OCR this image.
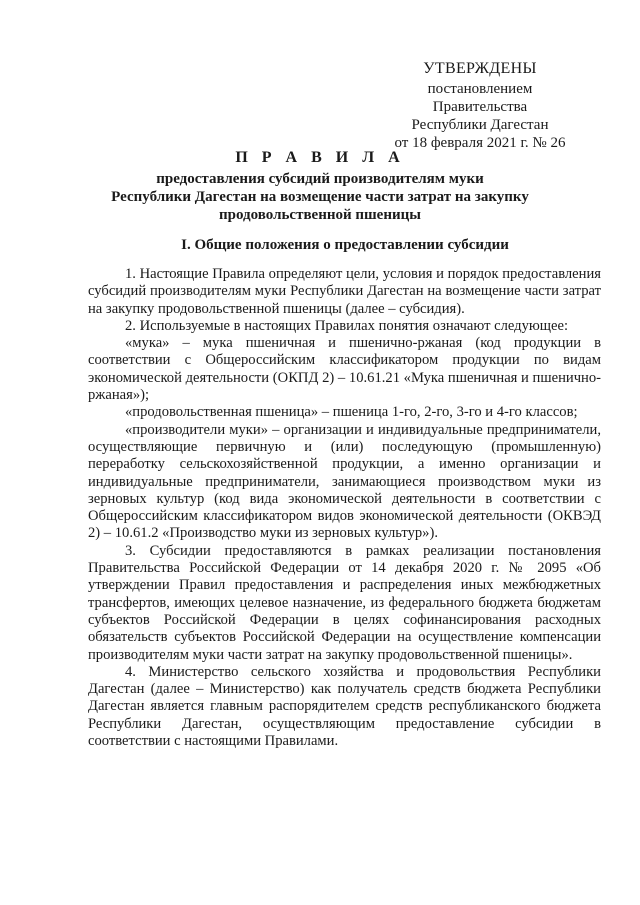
УТВЕРЖДЕНЫ
постановлением Правительства
Республики Дагестан
от 18 февраля 2021 г. № 26
П Р А В И Л А
предоставления субсидий производителям муки
Республики Дагестан на возмещение части затрат на закупку
продовольственной пшеницы
I. Общие положения о предоставлении субсидии

1. Настоящие Правила определяют цели, условия и порядок предоставления субсидий производителям муки Республики Дагестан на возмещение части затрат на закупку продовольственной пшеницы (далее – субсидия).

2. Используемые в настоящих Правилах понятия означают следующее:

«мука» – мука пшеничная и пшенично-ржаная (код продукции в соответствии с Общероссийским классификатором продукции по видам экономической деятельности (ОКПД 2) – 10.61.21 «Мука пшеничная и пшенично-ржаная»);

«продовольственная пшеница» – пшеница 1-го, 2-го, 3-го и 4-го классов;

«производители муки» – организации и индивидуальные предприниматели, осуществляющие первичную и (или) последующую (промышленную) переработку сельскохозяйственной продукции, а именно организации и индивидуальные предприниматели, занимающиеся производством муки из зерновых культур (код вида экономической деятельности в соответствии с Общероссийским классификатором видов экономической деятельности (ОКВЭД 2) – 10.61.2 «Производство муки из зерновых культур»).

3. Субсидии предоставляются в рамках реализации постановления Правительства Российской Федерации от 14 декабря 2020 г. № 2095 «Об утверждении Правил предоставления и распределения иных межбюджетных трансфертов, имеющих целевое назначение, из федерального бюджета бюджетам субъектов Российской Федерации в целях софинансирования расходных обязательств субъектов Российской Федерации на осуществление компенсации производителям муки части затрат на закупку продовольственной пшеницы».

4. Министерство сельского хозяйства и продовольствия Республики Дагестан (далее – Министерство) как получатель средств бюджета Республики Дагестан является главным распорядителем средств республиканского бюджета Республики Дагестан, осуществляющим предоставление субсидии в соответствии с настоящими Правилами.
